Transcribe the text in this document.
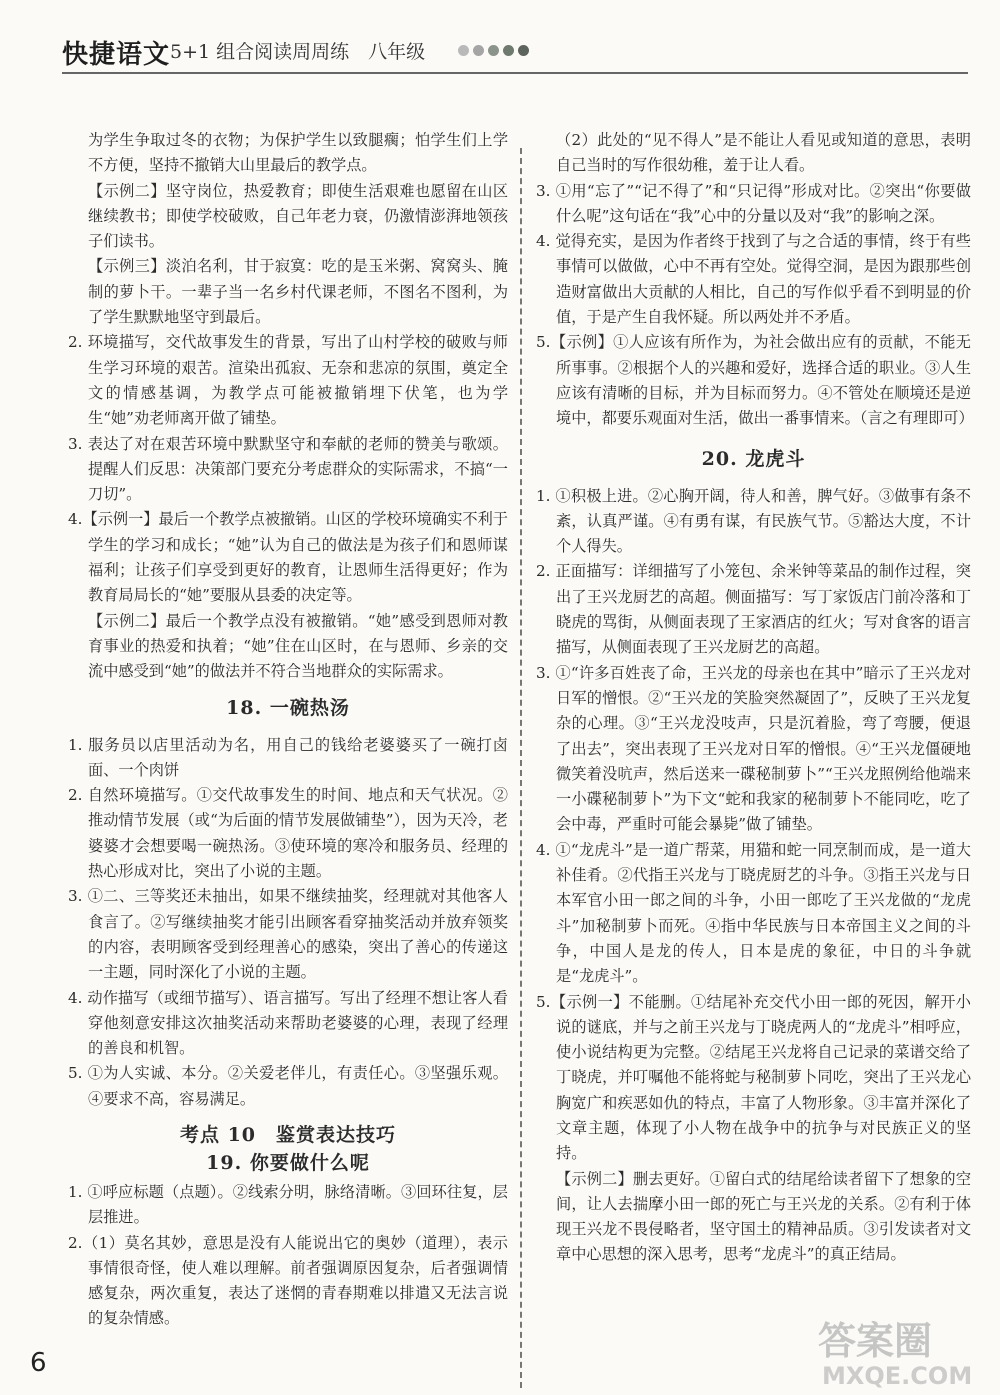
快捷语文 5+1 组合阅读周周练　八年级

为学生争取过冬的衣物；为保护学生以致腿瘸；怕学生们上学不方便，坚持不撤销大山里最后的教学点。

【示例二】坚守岗位，热爱教育；即使生活艰难也愿留在山区继续教书；即使学校破败，自己年老力衰，仍激情澎湃地领孩子们读书。

【示例三】淡泊名利，甘于寂寞：吃的是玉米粥、窝窝头、腌制的萝卜干。一辈子当一名乡村代课老师，不图名不图利，为了学生默默地坚守到最后。

2. 环境描写，交代故事发生的背景，写出了山村学校的破败与师生学习环境的艰苦。渲染出孤寂、无奈和悲凉的氛围，奠定全文的情感基调，为教学点可能被撤销埋下伏笔，也为学生“她”劝老师离开做了铺垫。

3. 表达了对在艰苦环境中默默坚守和奉献的老师的赞美与歌颂。提醒人们反思：决策部门要充分考虑群众的实际需求，不搞“一刀切”。

4.【示例一】最后一个教学点被撤销。山区的学校环境确实不利于学生的学习和成长；“她”认为自己的做法是为孩子们和恩师谋福利；让孩子们享受到更好的教育，让恩师生活得更好；作为教育局局长的“她”要服从县委的决定等。

【示例二】最后一个教学点没有被撤销。“她”感受到恩师对教育事业的热爱和执着；“她”住在山区时，在与恩师、乡亲的交流中感受到“她”的做法并不符合当地群众的实际需求。

18. 一碗热汤

1. 服务员以店里活动为名，用自己的钱给老婆婆买了一碗打卤面、一个肉饼

2. 自然环境描写。①交代故事发生的时间、地点和天气状况。②推动情节发展（或“为后面的情节发展做铺垫”），因为天冷，老婆婆才会想要喝一碗热汤。③使环境的寒冷和服务员、经理的热心形成对比，突出了小说的主题。

3. ①二、三等奖还未抽出，如果不继续抽奖，经理就对其他客人食言了。②写继续抽奖才能引出顾客看穿抽奖活动并放弃领奖的内容，表明顾客受到经理善心的感染，突出了善心的传递这一主题，同时深化了小说的主题。

4. 动作描写（或细节描写）、语言描写。写出了经理不想让客人看穿他刻意安排这次抽奖活动来帮助老婆婆的心理，表现了经理的善良和机智。

5. ①为人实诚、本分。②关爱老伴儿，有责任心。③坚强乐观。④要求不高，容易满足。

考点 10　鉴赏表达技巧
19. 你要做什么呢

1. ①呼应标题（点题）。②线索分明，脉络清晰。③回环往复，层层推进。

2.（1）莫名其妙，意思是没有人能说出它的奥妙（道理），表示事情很奇怪，使人难以理解。前者强调原因复杂，后者强调情感复杂，两次重复，表达了迷惘的青春期难以排遣又无法言说的复杂情感。

（2）此处的“见不得人”是不能让人看见或知道的意思，表明自己当时的写作很幼稚，羞于让人看。

3. ①用“忘了”“记不得了”和“只记得”形成对比。②突出“你要做什么呢”这句话在“我”心中的分量以及对“我”的影响之深。

4. 觉得充实，是因为作者终于找到了与之合适的事情，终于有些事情可以做做，心中不再有空处。觉得空洞，是因为跟那些创造财富做出大贡献的人相比，自己的写作似乎看不到明显的价值，于是产生自我怀疑。所以两处并不矛盾。

5.【示例】①人应该有所作为，为社会做出应有的贡献，不能无所事事。②根据个人的兴趣和爱好，选择合适的职业。③人生应该有清晰的目标，并为目标而努力。④不管处在顺境还是逆境中，都要乐观面对生活，做出一番事情来。（言之有理即可）

20. 龙虎斗

1. ①积极上进。②心胸开阔，待人和善，脾气好。③做事有条不紊，认真严谨。④有勇有谋，有民族气节。⑤豁达大度，不计个人得失。

2. 正面描写：详细描写了小笼包、余米钟等菜品的制作过程，突出了王兴龙厨艺的高超。侧面描写：写丁家饭店门前冷落和丁晓虎的骂街，从侧面表现了王家酒店的红火；写对食客的语言描写，从侧面表现了王兴龙厨艺的高超。

3. ①“许多百姓丧了命，王兴龙的母亲也在其中”暗示了王兴龙对日军的憎恨。②“王兴龙的笑脸突然凝固了”，反映了王兴龙复杂的心理。③“王兴龙没吱声，只是沉着脸，弯了弯腰，便退了出去”，突出表现了王兴龙对日军的憎恨。④“王兴龙僵硬地微笑着没吭声，然后送来一碟秘制萝卜”“王兴龙照例给他端来一小碟秘制萝卜”为下文“蛇和我家的秘制萝卜不能同吃，吃了会中毒，严重时可能会暴毙”做了铺垫。

4. ①“龙虎斗”是一道广帮菜，用猫和蛇一同烹制而成，是一道大补佳肴。②代指王兴龙与丁晓虎厨艺的斗争。③指王兴龙与日本军官小田一郎之间的斗争，小田一郎吃了王兴龙做的“龙虎斗”加秘制萝卜而死。④指中华民族与日本帝国主义之间的斗争，中国人是龙的传人，日本是虎的象征，中日的斗争就是“龙虎斗”。

5.【示例一】不能删。①结尾补充交代小田一郎的死因，解开小说的谜底，并与之前王兴龙与丁晓虎两人的“龙虎斗”相呼应，使小说结构更为完整。②结尾王兴龙将自己记录的菜谱交给了丁晓虎，并叮嘱他不能将蛇与秘制萝卜同吃，突出了王兴龙心胸宽广和疾恶如仇的特点，丰富了人物形象。③丰富并深化了文章主题，体现了小人物在战争中的抗争与对民族正义的坚持。

【示例二】删去更好。①留白式的结尾给读者留下了想象的空间，让人去揣摩小田一郎的死亡与王兴龙的关系。②有利于体现王兴龙不畏侵略者，坚守国土的精神品质。③引发读者对文章中心思想的深入思考，思考“龙虎斗”的真正结局。

6	答案圈
MXQE.COM
